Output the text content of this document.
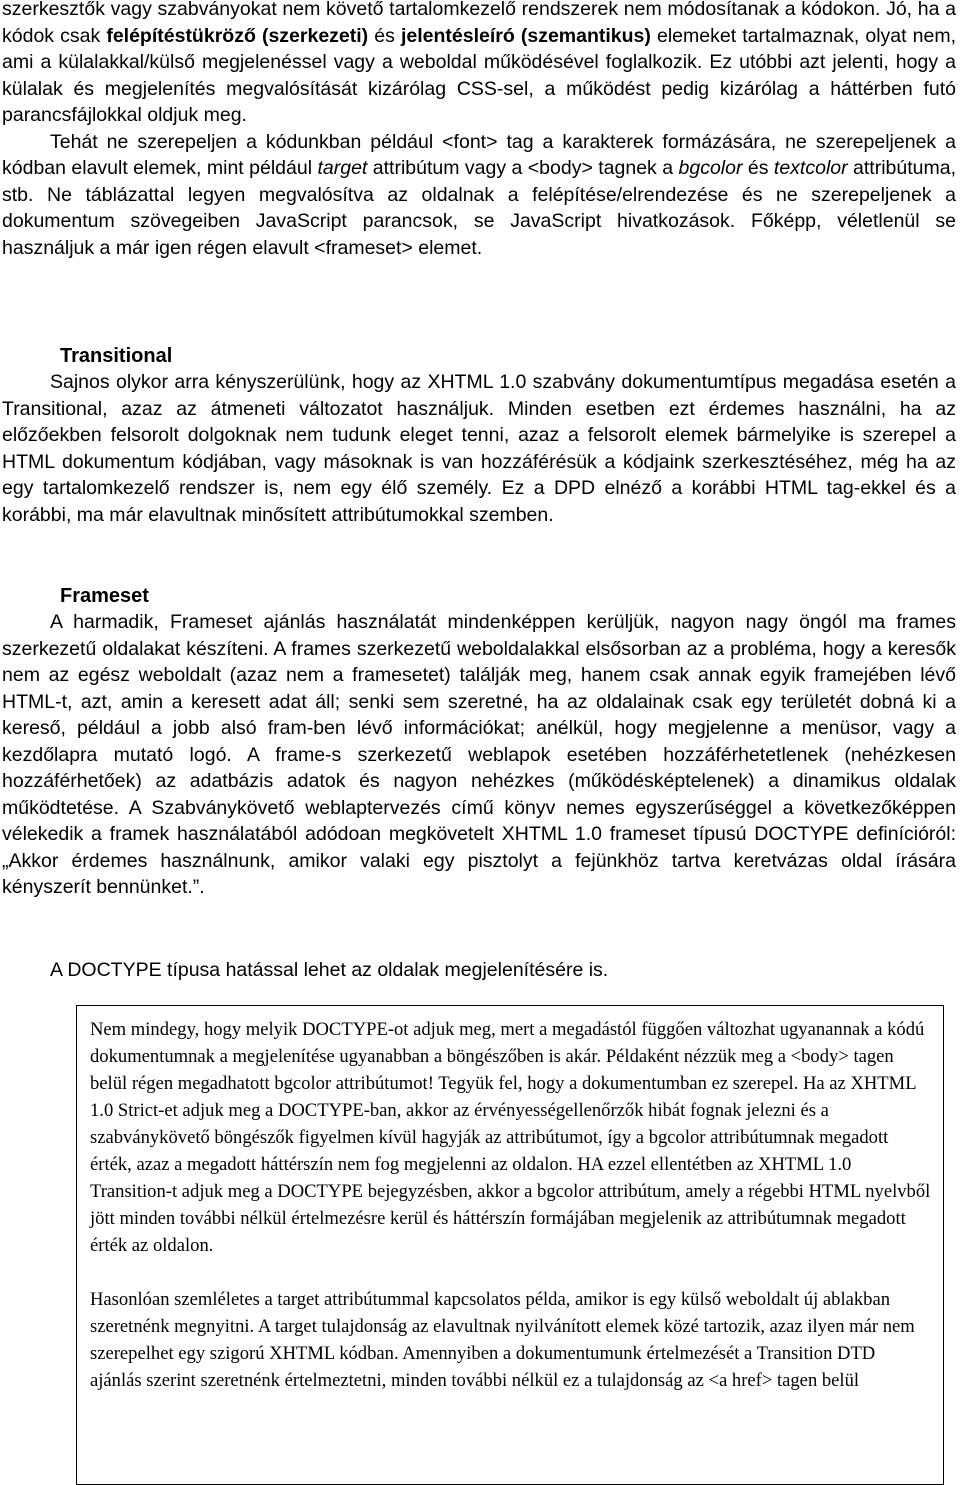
szerkesztők vagy szabványokat nem követő tartalomkezelő rendszerek nem módosítanak a kódokon. Jó, ha a kódok csak felépítéstükröző (szerkezeti) és jelentésleíró (szemantikus) elemeket tartalmaznak, olyat nem, ami a külalakkal/külső megjelenéssel vagy a weboldal működésével foglalkozik. Ez utóbbi azt jelenti, hogy a külalak és megjelenítés megvalósítását kizárólag CSS-sel, a működést pedig kizárólag a háttérben futó parancsfájlokkal oldjuk meg.

Tehát ne szerepeljen a kódunkban például <font> tag a karakterek formázására, ne szerepeljenek a kódban elavult elemek, mint például target attribútum vagy a <body> tagnek a bgcolor és textcolor attribútuma, stb. Ne táblázattal legyen megvalósítva az oldalnak a felépítése/elrendezése és ne szerepeljenek a dokumentum szövegeiben JavaScript parancsok, se JavaScript hivatkozások. Főképp, véletlenül se használjuk a már igen régen elavult <frameset> elemet.

Transitional

Sajnos olykor arra kényszerülünk, hogy az XHTML 1.0 szabvány dokumentumtípus megadása esetén a Transitional, azaz az átmeneti változatot használjuk. Minden esetben ezt érdemes használni, ha az előzőekben felsorolt dolgoknak nem tudunk eleget tenni, azaz a felsorolt elemek bármelyike is szerepel a HTML dokumentum kódjában, vagy másoknak is van hozzáférésük a kódjaink szerkesztéséhez, még ha az egy tartalomkezelő rendszer is, nem egy élő személy. Ez a DPD elnéző a korábbi HTML tag-ekkel és a korábbi, ma már elavultnak minősített attribútumokkal szemben.

Frameset

A harmadik, Frameset ajánlás használatát mindenképpen kerüljük, nagyon nagy öngól ma frames szerkezetű oldalakat készíteni. A frames szerkezetű weboldalakkal elsősorban az a probléma, hogy a keresők nem az egész weboldalt (azaz nem a framesetet) találják meg, hanem csak annak egyik framejében lévő HTML-t, azt, amin a keresett adat áll; senki sem szeretné, ha az oldalainak csak egy területét dobná ki a kereső, például a jobb alsó fram-ben lévő információkat; anélkül, hogy megjelenne a menüsor, vagy a kezdőlapra mutató logó. A frame-s szerkezetű weblapok esetében hozzáférhetetlenek (nehézkesen hozzáférhetőek) az adatbázis adatok és nagyon nehézkes (működésképtelenek) a dinamikus oldalak működtetése. A Szabványkövető weblaptervezés című könyv nemes egyszerűséggel a következőképpen vélekedik a framek használatából adódoan megkövetelt XHTML 1.0 frameset típusú DOCTYPE definícióról: „Akkor érdemes használnunk, amikor valaki egy pisztolyt a fejünkhöz tartva keretvázas oldal írására kényszerít bennünket.”.

A DOCTYPE típusa hatással lehet az oldalak megjelenítésére is.

Nem mindegy, hogy melyik DOCTYPE-ot adjuk meg, mert a megadástól függően változhat ugyanannak a kódú dokumentumnak a megjelenítése ugyanabban a böngészőben is akár. Példaként nézzük meg a <body> tagen belül régen megadhatott bgcolor attribútumot! Tegyük fel, hogy a dokumentumban ez szerepel. Ha az XHTML 1.0 Strict-et adjuk meg a DOCTYPE-ban, akkor az érvényességellenőrzők hibát fognak jelezni és a szabványkövető böngészők figyelmen kívül hagyják az attribútumot, így a bgcolor attribútumnak megadott érték, azaz a megadott háttérszín nem fog megjelenni az oldalon. HA ezzel ellentétben az XHTML 1.0 Transition-t adjuk meg a DOCTYPE bejegyzésben, akkor a bgcolor attribútum, amely a régebbi HTML nyelvből jött minden további nélkül értelmezésre kerül és háttérszín formájában megjelenik az attribútumnak megadott érték az oldalon.

Hasonlóan szemléletes a target attribútummal kapcsolatos példa, amikor is egy külső weboldalt új ablakban szeretnénk megnyitni. A target tulajdonság az elavultnak nyilvánított elemek közé tartozik, azaz ilyen már nem szerepelhet egy szigorú XHTML kódban. Amennyiben a dokumentumunk értelmezését a Transition DTD ajánlás szerint szeretnénk értelmeztetni, minden további nélkül ez a tulajdonság az <a href> tagen belül
